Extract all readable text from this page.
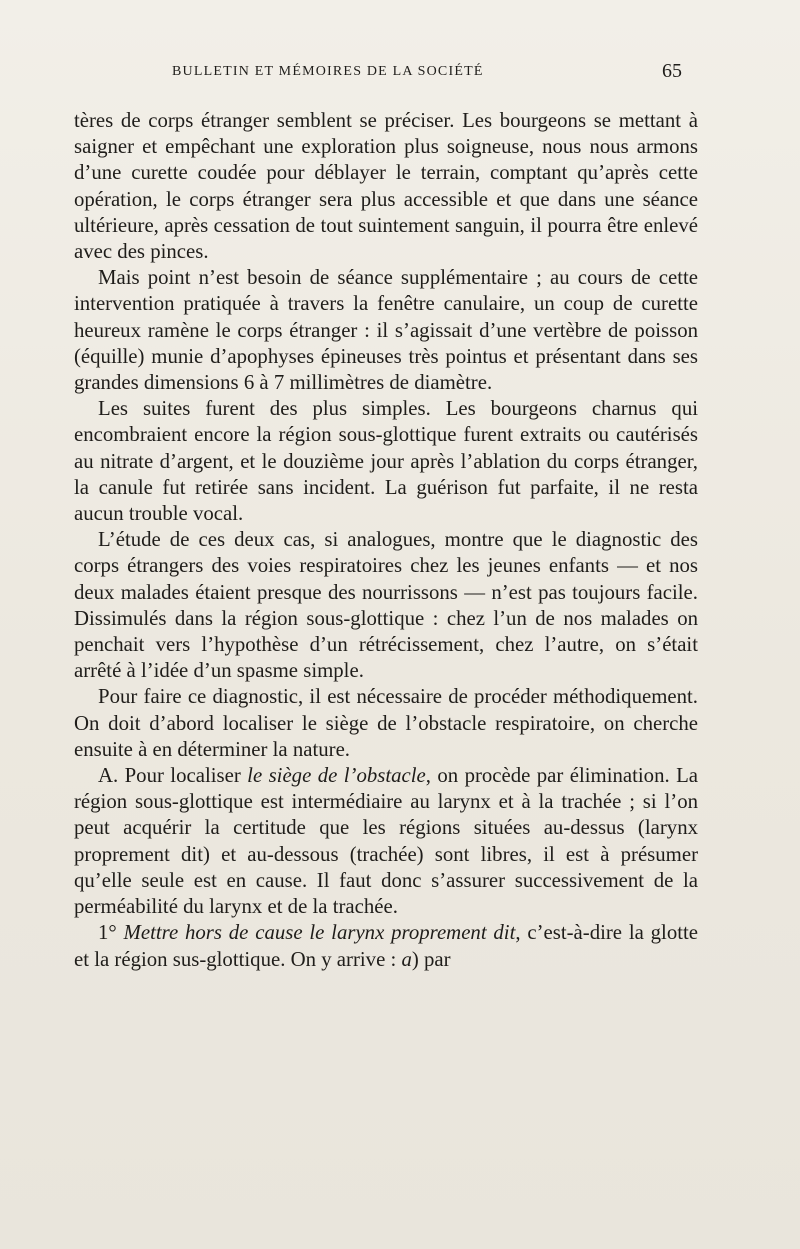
BULLETIN ET MÉMOIRES DE LA SOCIÉTÉ	65

tères de corps étranger semblent se préciser. Les bourgeons se mettant à saigner et empêchant une exploration plus soigneuse, nous nous armons d’une curette coudée pour déblayer le terrain, comptant qu’après cette opération, le corps étranger sera plus accessible et que dans une séance ultérieure, après cessation de tout suintement sanguin, il pourra être enlevé avec des pinces.

Mais point n’est besoin de séance supplémentaire ; au cours de cette intervention pratiquée à travers la fenêtre canulaire, un coup de curette heureux ramène le corps étranger : il s’agissait d’une vertèbre de poisson (équille) munie d’apophyses épineuses très pointus et présentant dans ses grandes dimensions 6 à 7 millimètres de diamètre.

Les suites furent des plus simples. Les bourgeons charnus qui encombraient encore la région sous-glottique furent extraits ou cautérisés au nitrate d’argent, et le douzième jour après l’ablation du corps étranger, la canule fut retirée sans incident. La guérison fut parfaite, il ne resta aucun trouble vocal.

L’étude de ces deux cas, si analogues, montre que le diagnostic des corps étrangers des voies respiratoires chez les jeunes enfants — et nos deux malades étaient presque des nourrissons — n’est pas toujours facile. Dissimulés dans la région sous-glottique : chez l’un de nos malades on penchait vers l’hypothèse d’un rétrécissement, chez l’autre, on s’était arrêté à l’idée d’un spasme simple.

Pour faire ce diagnostic, il est nécessaire de procéder méthodiquement. On doit d’abord localiser le siège de l’obstacle respiratoire, on cherche ensuite à en déterminer la nature.

A. Pour localiser le siège de l’obstacle, on procède par élimination. La région sous-glottique est intermédiaire au larynx et à la trachée ; si l’on peut acquérir la certitude que les régions situées au-dessus (larynx proprement dit) et au-dessous (trachée) sont libres, il est à présumer qu’elle seule est en cause. Il faut donc s’assurer successivement de la perméabilité du larynx et de la trachée.

1° Mettre hors de cause le larynx proprement dit, c’est-à-dire la glotte et la région sus-glottique. On y arrive : a) par
